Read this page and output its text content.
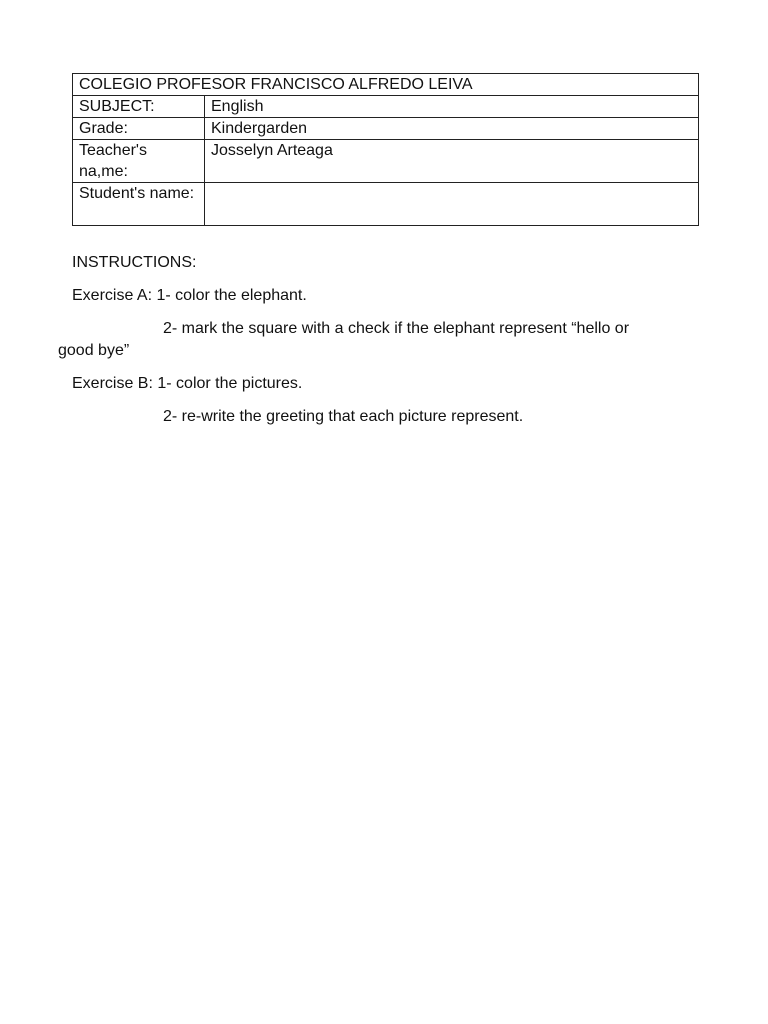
COLEGIO PROFESOR FRANCISCO ALFREDO LEIVA	
SUBJECT:	English
Grade:	Kindergarden
Teacher's na,me:	Josselyn Arteaga
Student's name:	
INSTRUCTIONS:
Exercise A: 1- color the elephant.
2- mark the square with a check if the elephant represent “hello or
good bye”
Exercise B: 1- color the pictures.
2- re-write the greeting that each picture represent.
